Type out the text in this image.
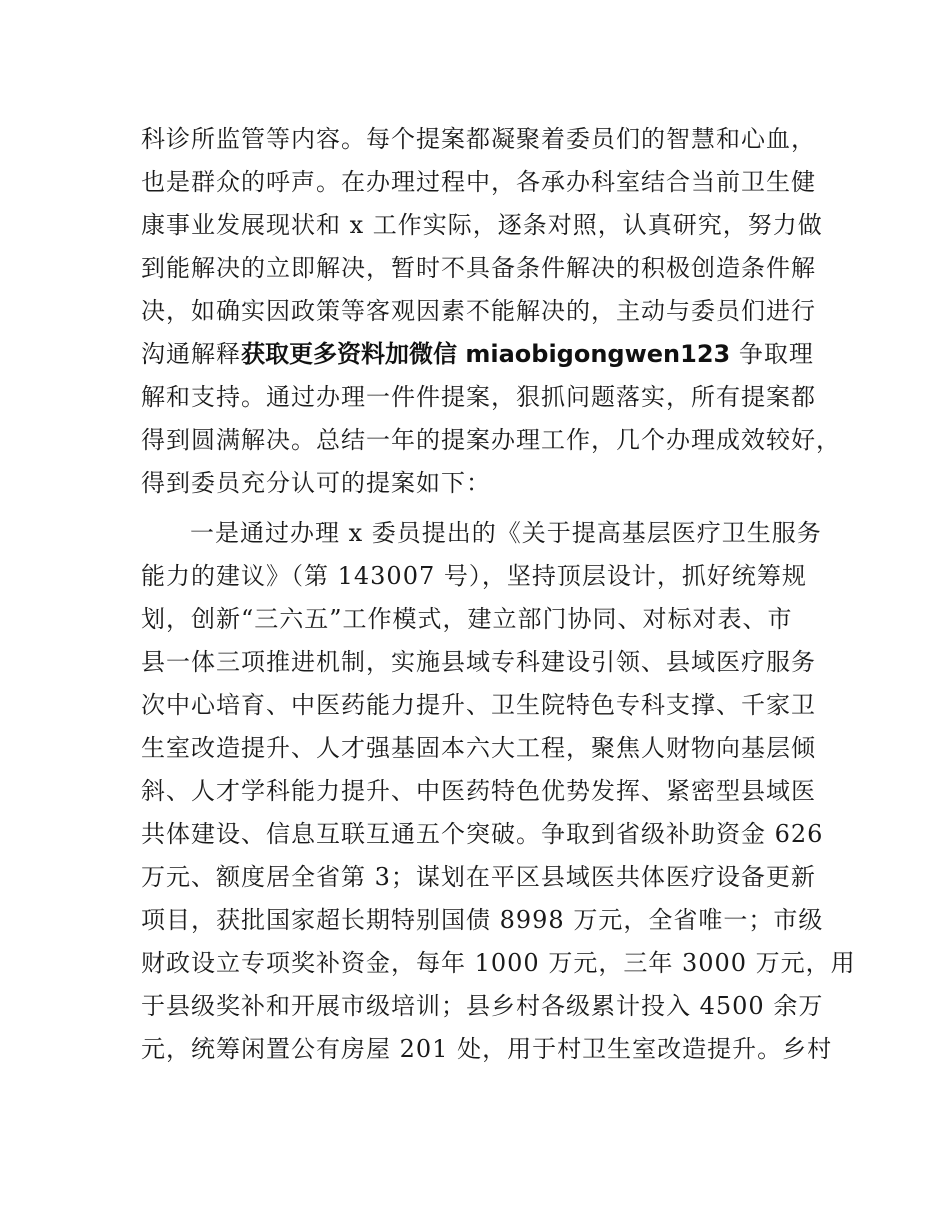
科诊所监管等内容。每个提案都凝聚着委员们的智慧和心血，
也是群众的呼声。在办理过程中，各承办科室结合当前卫生健
康事业发展现状和 x 工作实际，逐条对照，认真研究，努力做
到能解决的立即解决，暂时不具备条件解决的积极创造条件解
决，如确实因政策等客观因素不能解决的，主动与委员们进行
沟通解释获取更多资料加微信 miaobigongwen123 争取理
解和支持。通过办理一件件提案，狠抓问题落实，所有提案都
得到圆满解决。总结一年的提案办理工作，几个办理成效较好，
得到委员充分认可的提案如下：
一是通过办理 x 委员提出的《关于提高基层医疗卫生服务
能力的建议》（第 143007 号），坚持顶层设计，抓好统筹规
划，创新“三六五”工作模式，建立部门协同、对标对表、市
县一体三项推进机制，实施县域专科建设引领、县域医疗服务
次中心培育、中医药能力提升、卫生院特色专科支撑、千家卫
生室改造提升、人才强基固本六大工程，聚焦人财物向基层倾
斜、人才学科能力提升、中医药特色优势发挥、紧密型县域医
共体建设、信息互联互通五个突破。争取到省级补助资金 626
万元、额度居全省第 3；谋划在平区县域医共体医疗设备更新
项目，获批国家超长期特别国债 8998 万元，全省唯一；市级
财政设立专项奖补资金，每年 1000 万元，三年 3000 万元，用
于县级奖补和开展市级培训；县乡村各级累计投入 4500 余万
元，统筹闲置公有房屋 201 处，用于村卫生室改造提升。乡村
